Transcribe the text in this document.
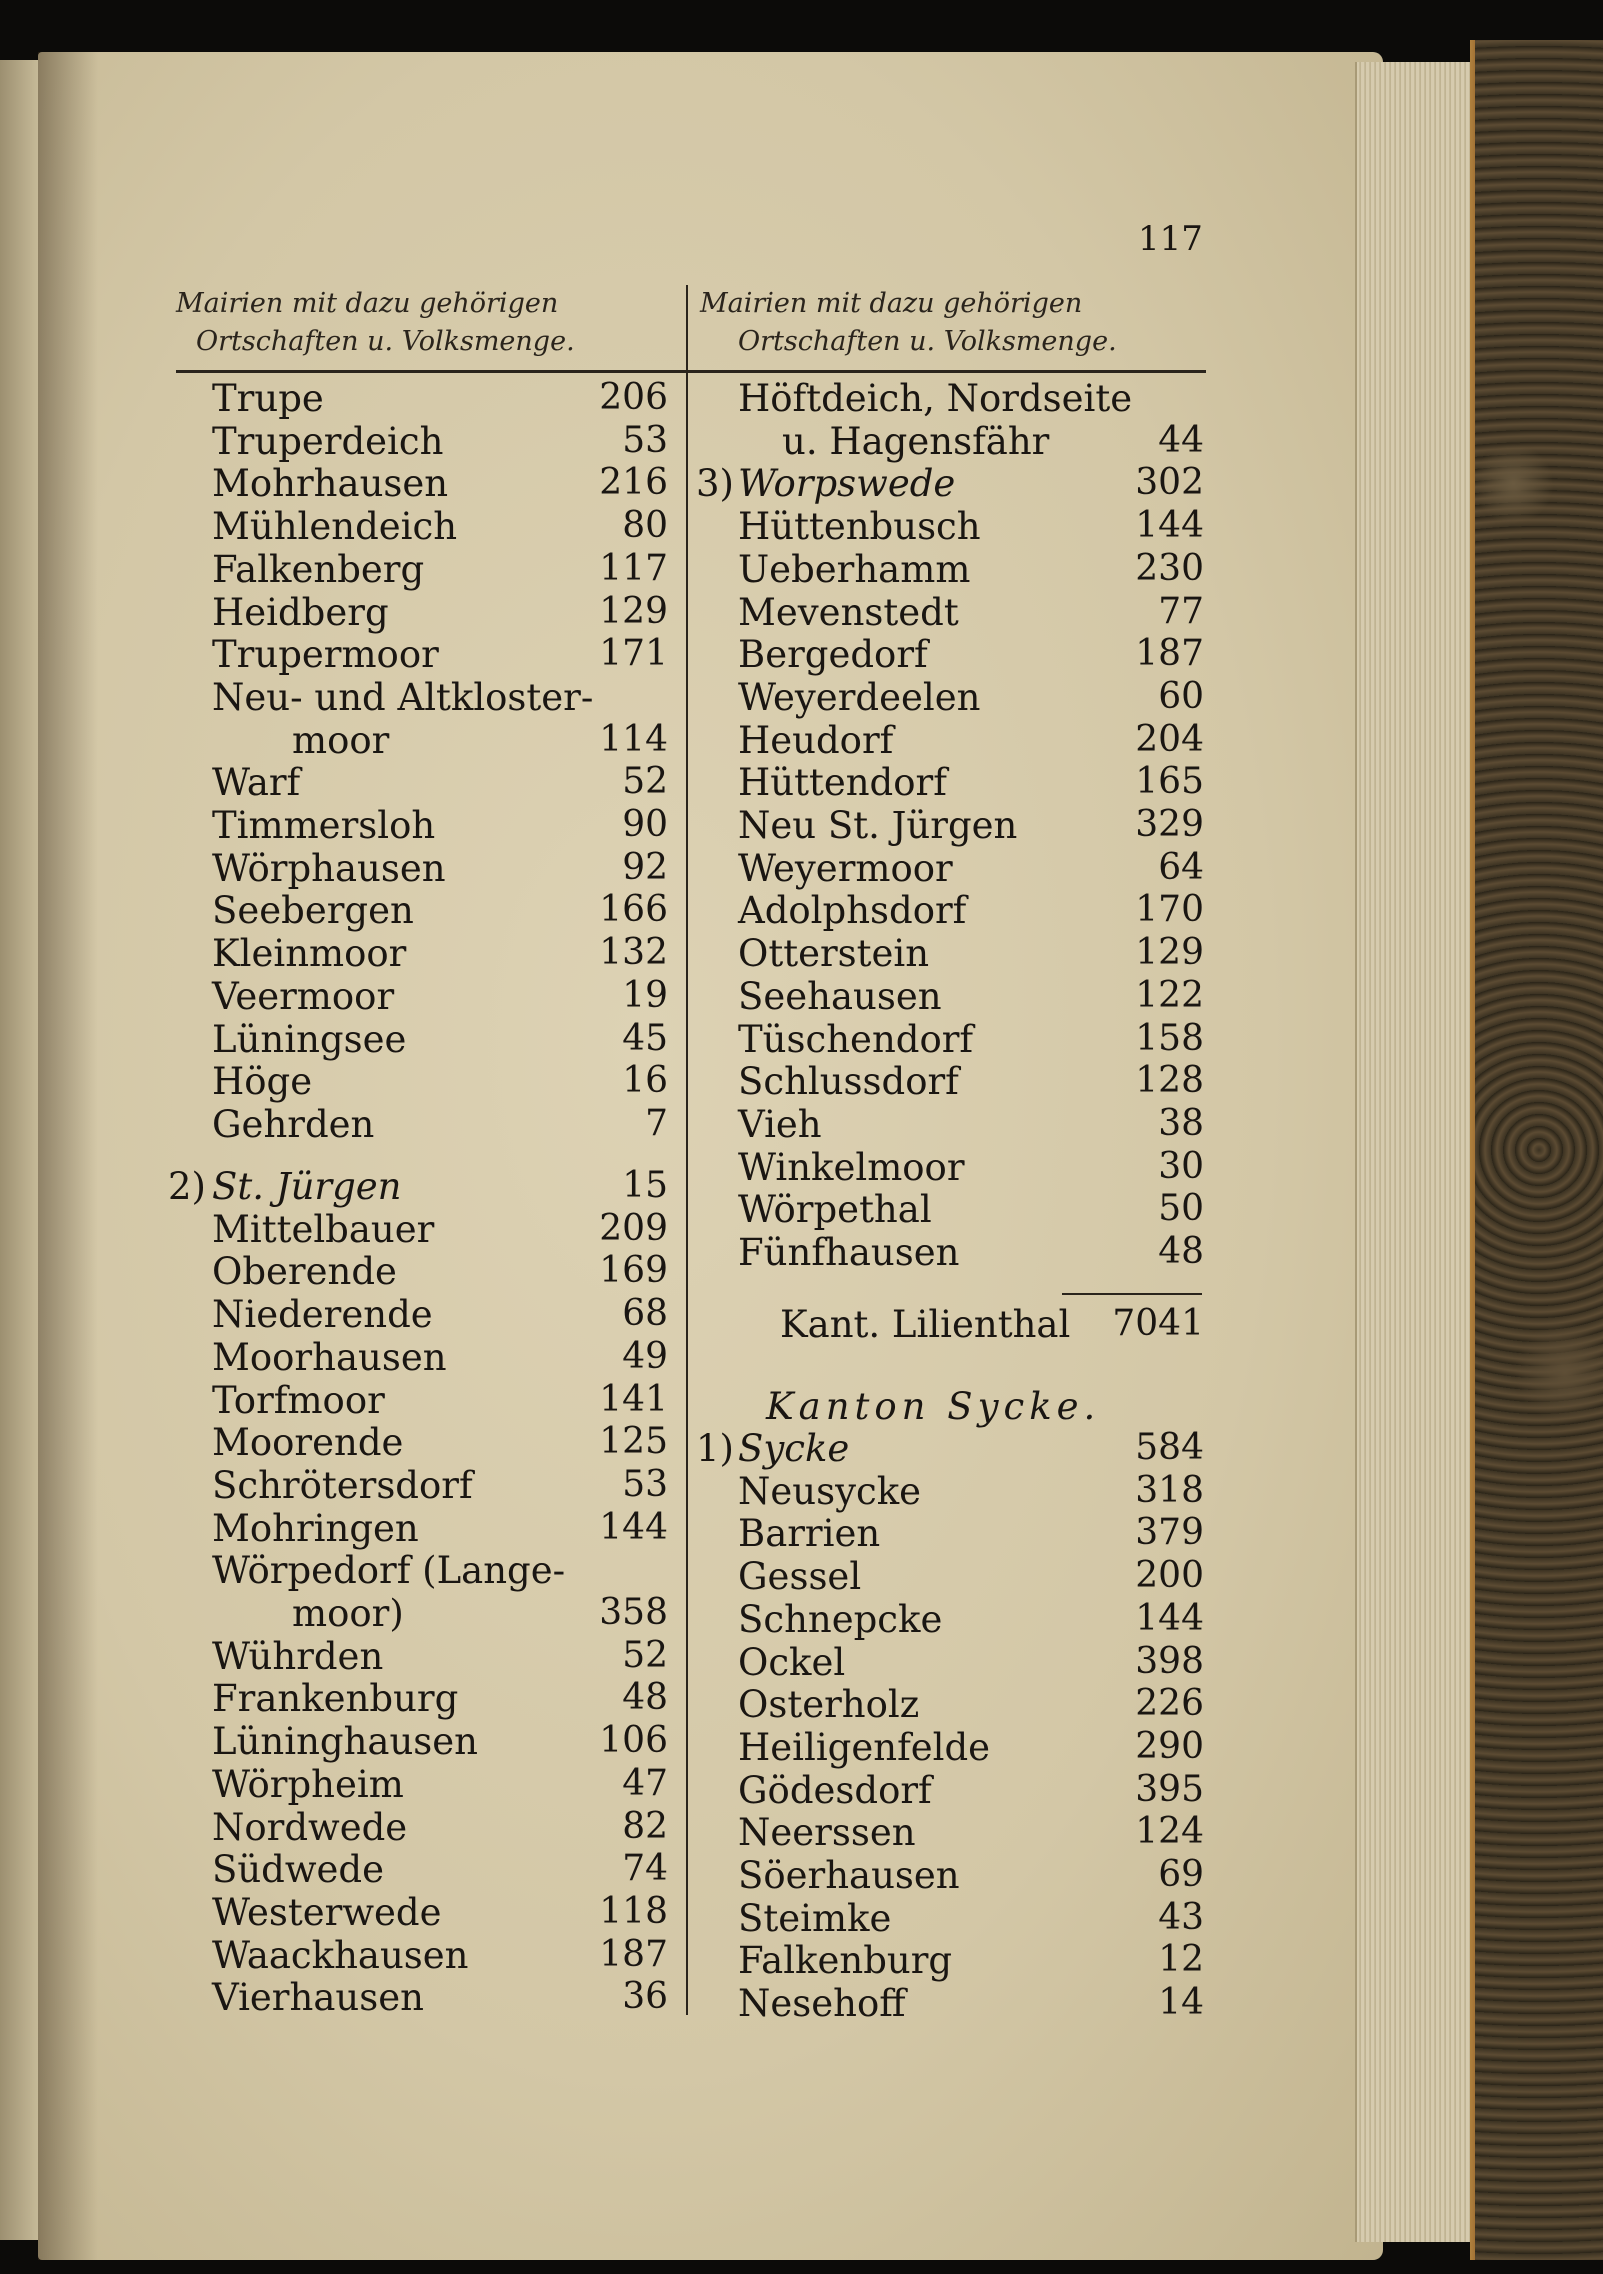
117
Mairien mit dazu gehörigen
Ortschaften u. Volksmenge.
Mairien mit dazu gehörigen
Ortschaften u. Volksmenge.
Trupe	206
Truperdeich	53
Mohrhausen	216
Mühlendeich	80
Falkenberg	117
Heidberg	129
Trupermoor	171
Neu- und Altkloster-
moor	114
Warf	52
Timmersloh	90
Wörphausen	92
Seebergen	166
Kleinmoor	132
Veermoor	19
Lüningsee	45
Höge	16
Gehrden	7
2) St. Jürgen	15
Mittelbauer	209
Oberende	169
Niederende	68
Moorhausen	49
Torfmoor	141
Moorende	125
Schrötersdorf	53
Mohringen	144
Wörpedorf (Lange-
moor)	358
Wührden	52
Frankenburg	48
Lüninghausen	106
Wörpheim	47
Nordwede	82
Südwede	74
Westerwede	118
Waackhausen	187
Vierhausen	36
Höftdeich, Nordseite
u. Hagensfähr	44
3) Worpswede	302
Hüttenbusch	144
Ueberhamm	230
Mevenstedt	77
Bergedorf	187
Weyerdeelen	60
Heudorf	204
Hüttendorf	165
Neu St. Jürgen	329
Weyermoor	64
Adolphsdorf	170
Otterstein	129
Seehausen	122
Tüschendorf	158
Schlussdorf	128
Vieh	38
Winkelmoor	30
Wörpethal	50
Fünfhausen	48
Kant. Lilienthal	7041
Kanton Sycke.
1) Sycke	584
Neusycke	318
Barrien	379
Gessel	200
Schnepcke	144
Ockel	398
Osterholz	226
Heiligenfelde	290
Gödesdorf	395
Neerssen	124
Söerhausen	69
Steimke	43
Falkenburg	12
Nesehoff	14
